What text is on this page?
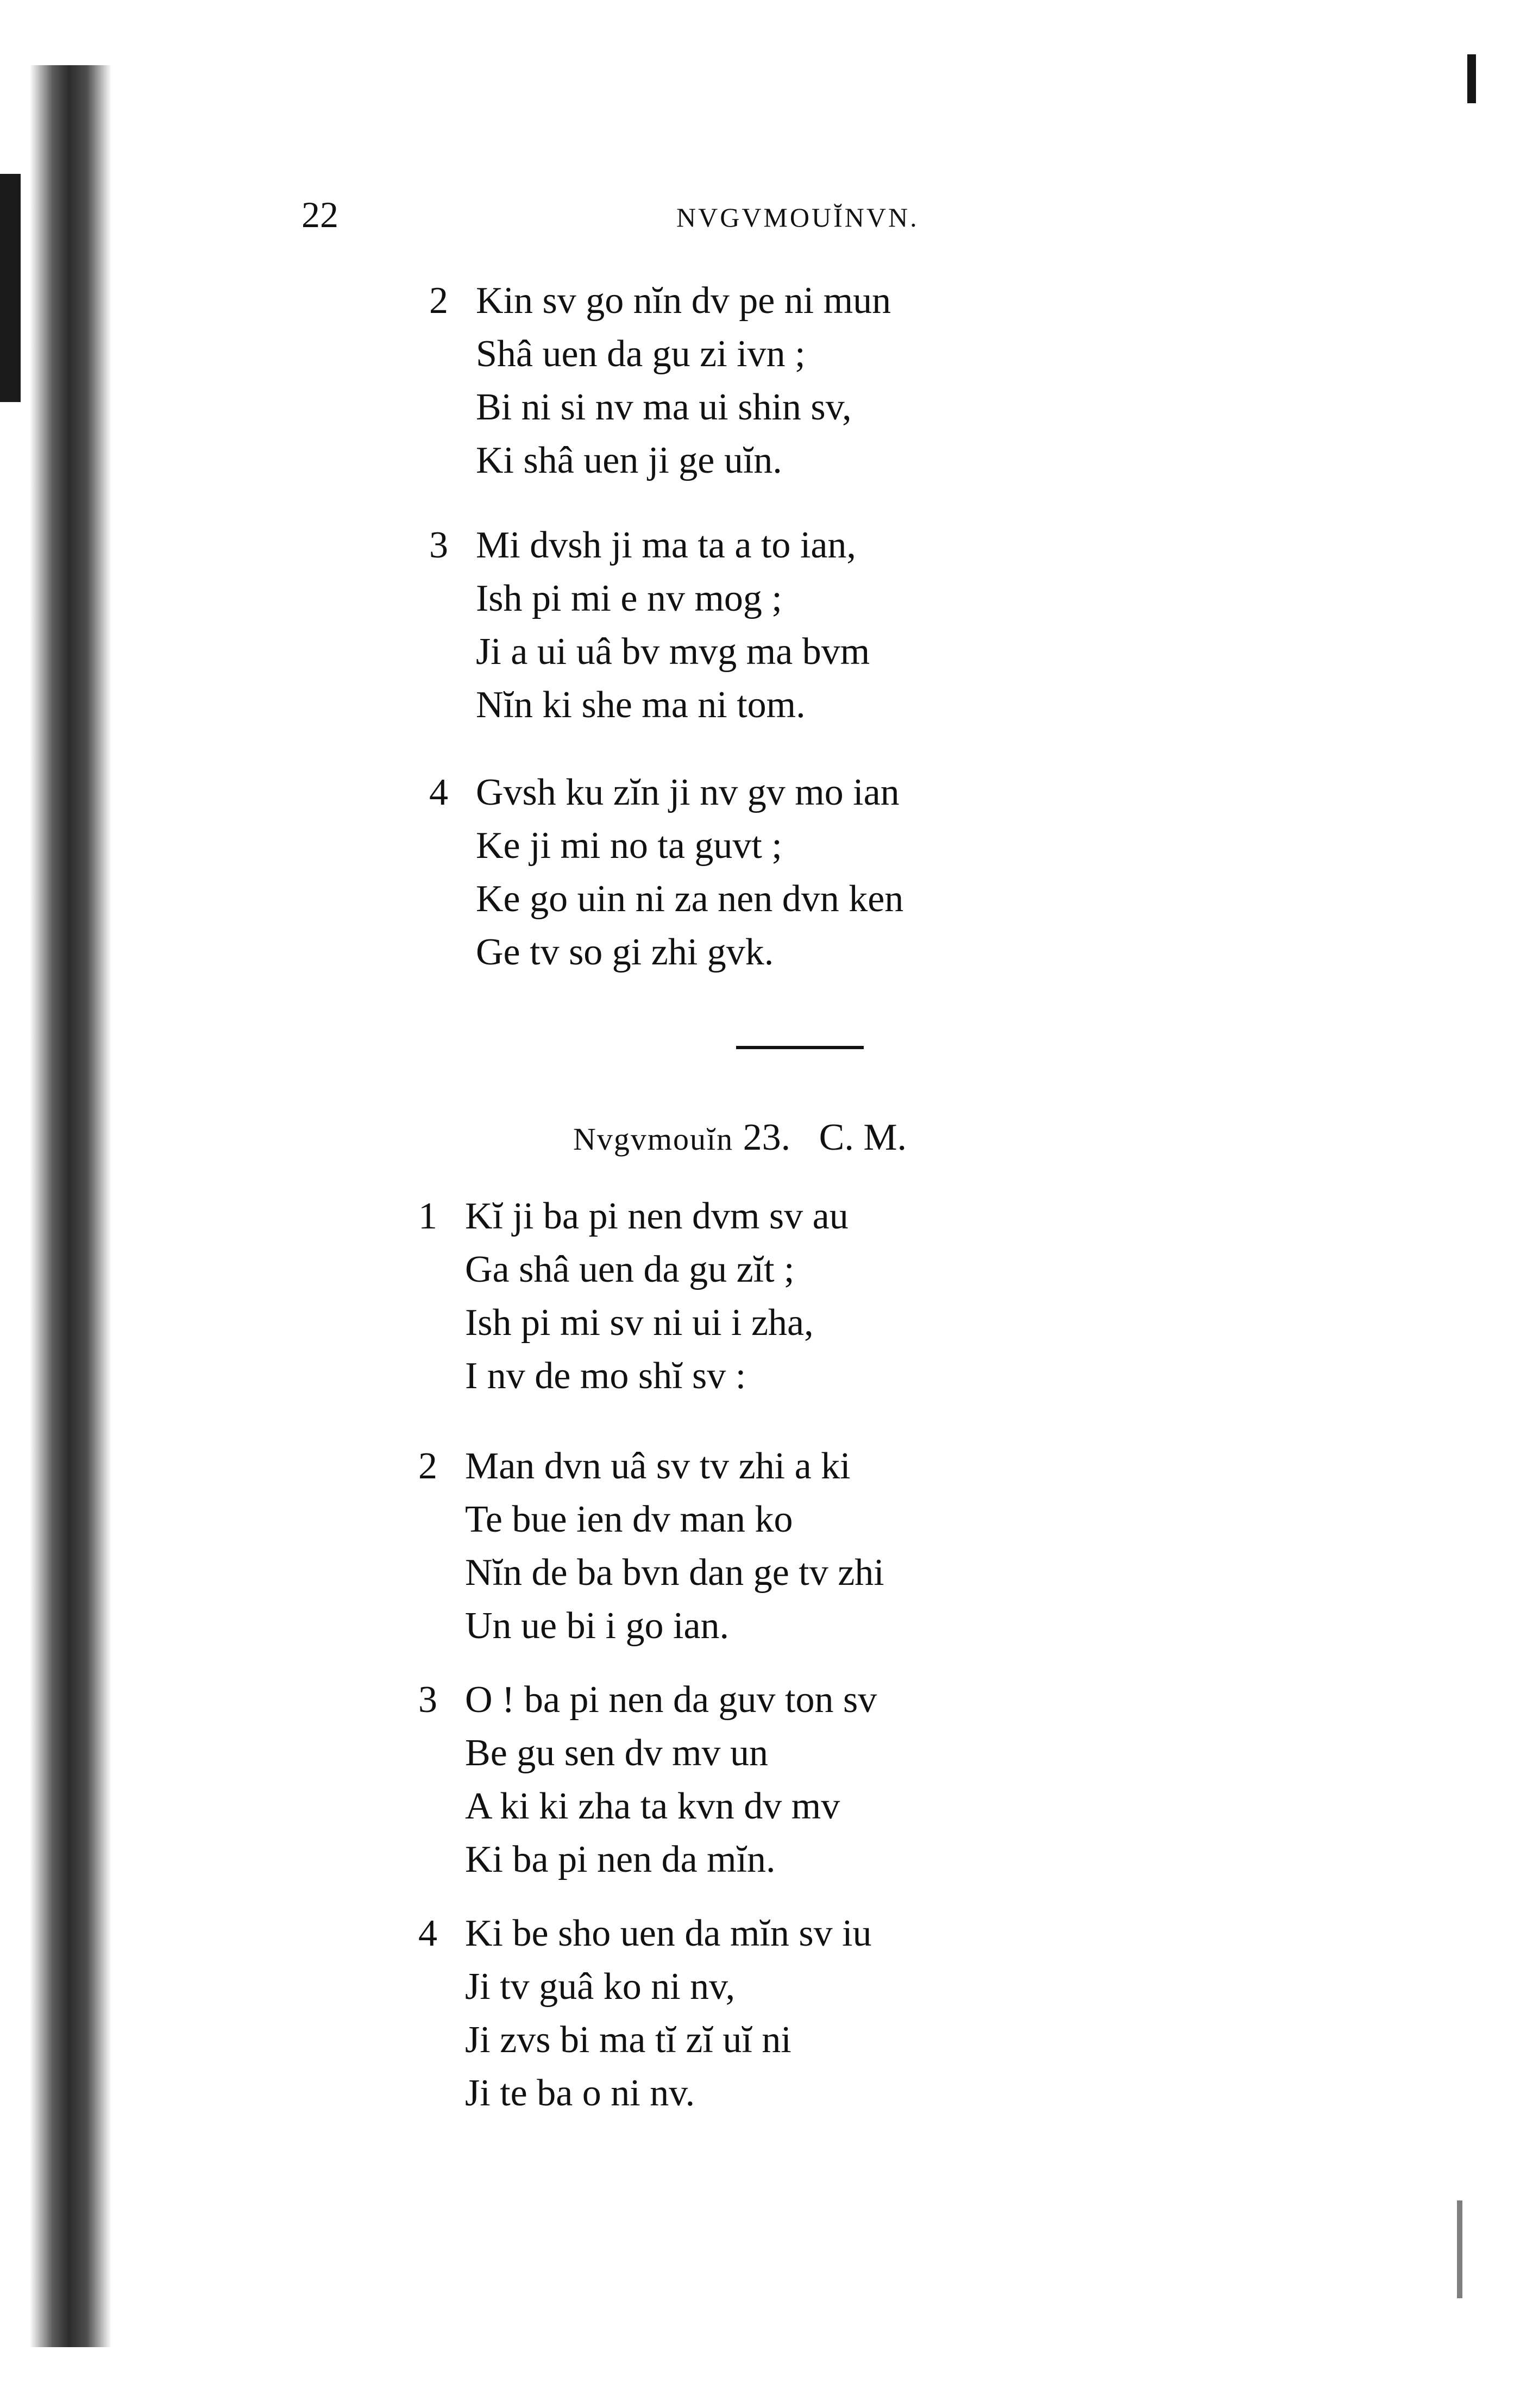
22	NVGVMOUĬNVN.
2 Kin sv go nĭn dv pe ni mun
Shâ uen da gu zi ivn ;
Bi ni si nv ma ui shin sv,
Ki shâ uen ji ge uĭn.
3 Mi dvsh ji ma ta a to ian,
Ish pi mi e nv mog ;
Ji a ui uâ bv mvg ma bvm
Nĭn ki she ma ni tom.
4 Gvsh ku zĭn ji nv gv mo ian
Ke ji mi no ta guvt ;
Ke go uin ni za nen dvn ken
Ge tv so gi zhi gvk.
Nvgvmouĭn 23. C. M.
1 Kĭ ji ba pi nen dvm sv au
Ga shâ uen da gu zĭt ;
Ish pi mi sv ni ui i zha,
I nv de mo shĭ sv :
2 Man dvn uâ sv tv zhi a ki
Te bue ien dv man ko
Nĭn de ba bvn dan ge tv zhi
Un ue bi i go ian.
3 O ! ba pi nen da guv ton sv
Be gu sen dv mv un
A ki ki zha ta kvn dv mv
Ki ba pi nen da mĭn.
4 Ki be sho uen da mĭn sv iu
Ji tv guâ ko ni nv,
Ji zvs bi ma tĭ zĭ uĭ ni
Ji te ba o ni nv.
